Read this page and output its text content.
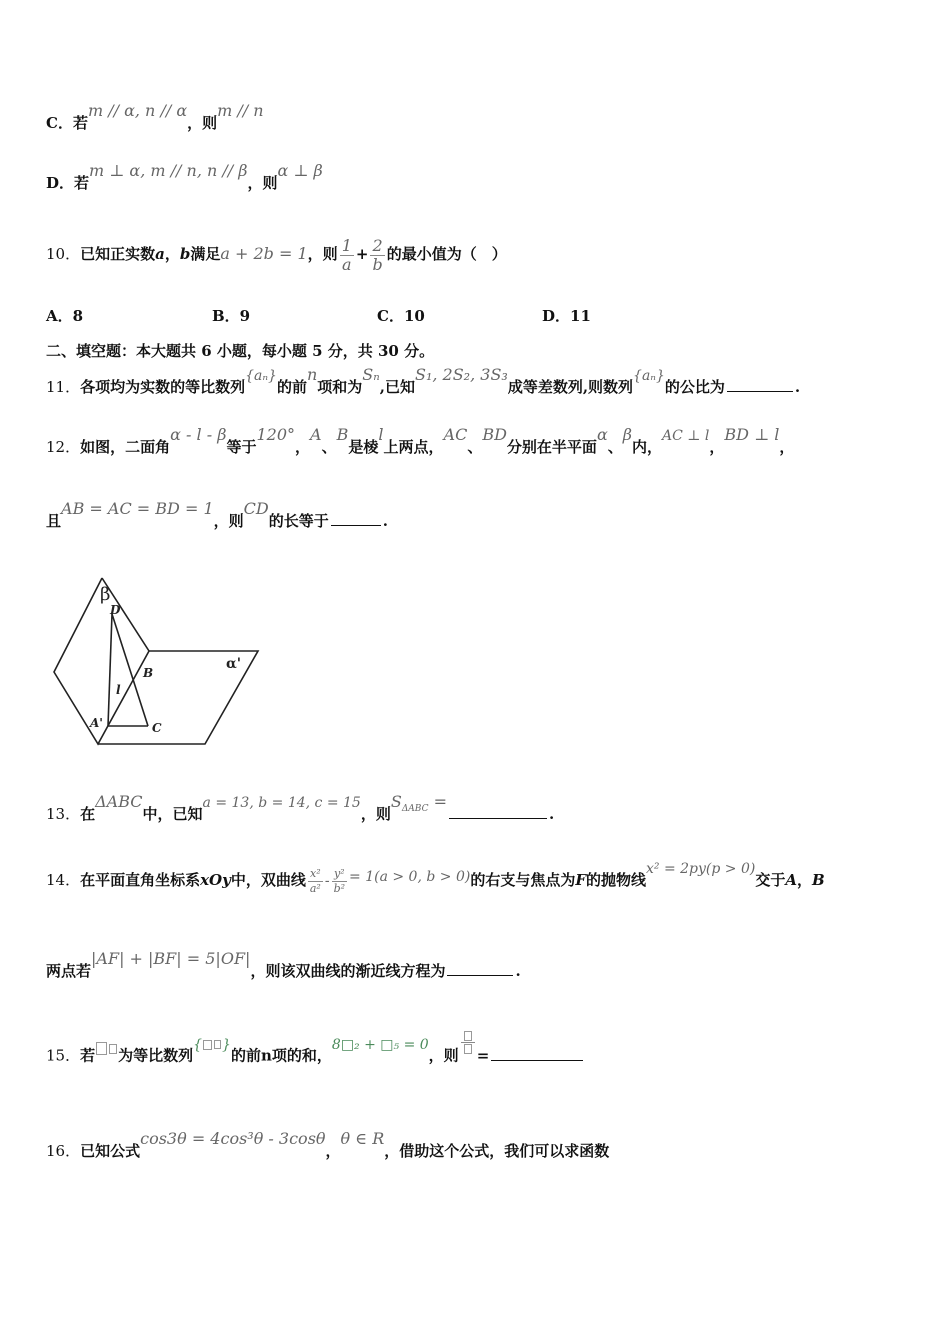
C．若m // α, n // α，则m // n
D．若m ⊥ α, m // n, n // β，则α ⊥ β
10．已知正实数a，b满足a + 2b = 1，则 $\frac{1}{a} + \frac{2}{b}$ 的最小值为（　）
A．8	B．9	C．10	D．11
二、填空题：本大题共 6 小题，每小题 5 分，共 30 分。
11．各项均为实数的等比数列{aₙ}的前n项和为Sₙ,已知S₁, 2S₂, 3S₃成等差数列,则数列{aₙ}的公比为	.
12．如图，二面角α - l - β等于120°，A、B是棱l上两点，AC、BD分别在半平面α、β内，AC ⊥ l，BD ⊥ l，
且AB = AC = BD = 1，则CD的长等于	.
β
D
B
l
A'	C
α'
13．在ΔABC中，已知a = 13, b = 14, c = 15，则$S^{\Delta ABC}$ =.
14．在平面直角坐标系xOy中，双曲线 $\frac{\text{x²}}{\text{a²}} - \frac{\text{y²}}{\text{b²}} = 1(a > 0$, b > 0)的右支与焦点为F的抛物线x² = 2py(p > 0)交于A，B
两点若|AF| + |BF| = 5|OF|，则该双曲线的渐近线方程为	.
15．若 为等比数列{ }的前n项的和，8□₂ + □₅ = 0，则 =
16．已知公式cos3θ = 4cos³θ - 3cosθ，θ ∈ R，借助这个公式，我们可以求函数
